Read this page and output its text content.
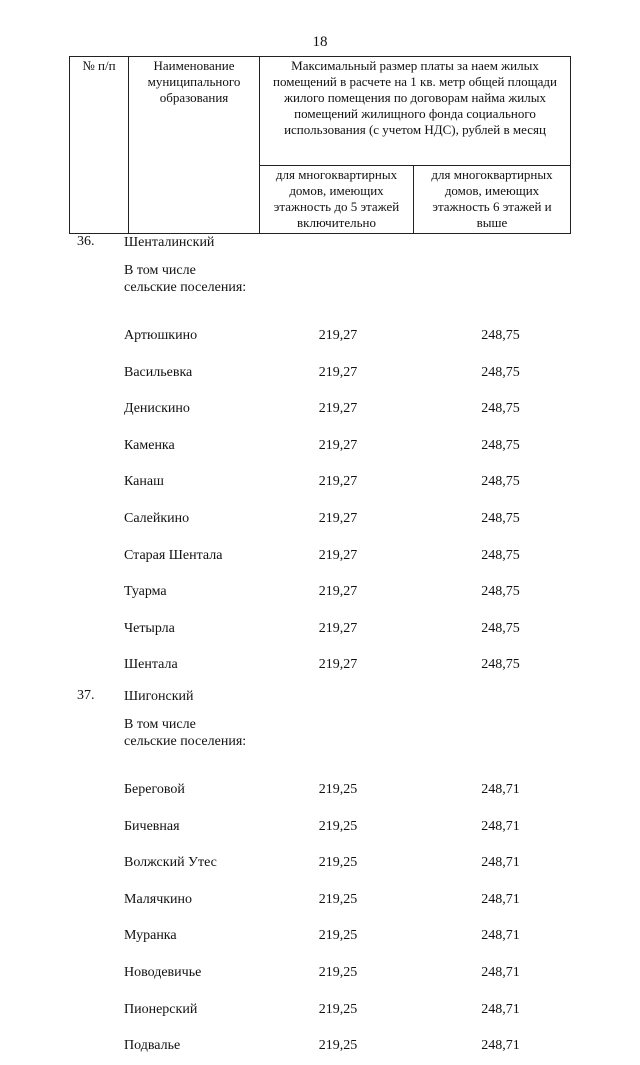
18
№ п/п	Наименование муниципального образования	Максимальный размер платы за наем жилых помещений в расчете на 1 кв. метр общей площади жилого помещения по договорам найма жилых помещений жилищного фонда социального использования (с учетом НДС), рублей в месяц	
		для многоквартирных домов, имеющих этажность до 5 этажей включительно	для многоквартирных домов, имеющих этажность 6 этажей и выше
36.	Шенталинский
В том числе сельские поселения:
Артюшкино	219,27	248,75
Васильевка	219,27	248,75
Денискино	219,27	248,75
Каменка	219,27	248,75
Канаш	219,27	248,75
Салейкино	219,27	248,75
Старая Шентала	219,27	248,75
Туарма	219,27	248,75
Четырла	219,27	248,75
Шентала	219,27	248,75
37.	Шигонский
В том числе сельские поселения:
Береговой	219,25	248,71
Бичевная	219,25	248,71
Волжский Утес	219,25	248,71
Малячкино	219,25	248,71
Муранка	219,25	248,71
Новодевичье	219,25	248,71
Пионерский	219,25	248,71
Подвалье	219,25	248,71
